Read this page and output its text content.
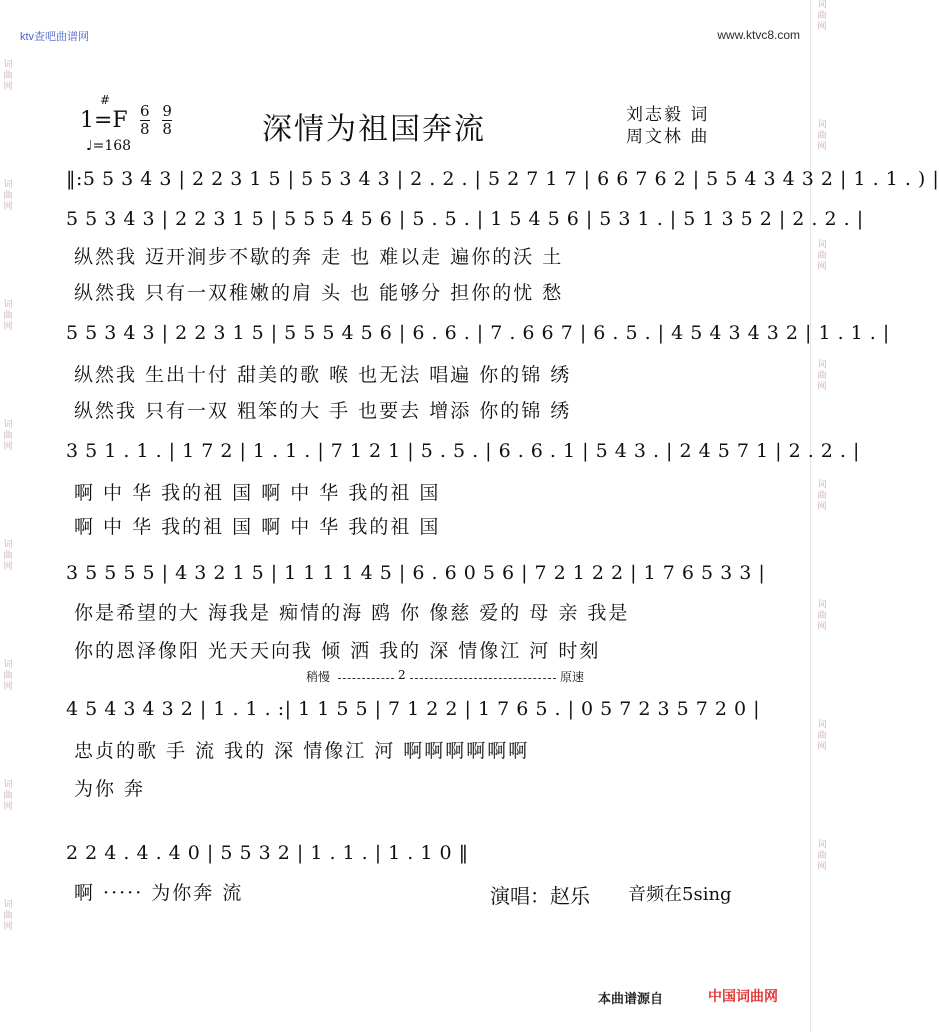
ktv查吧曲谱网	www.ktvc8.com
词曲网
词曲网
词曲网
词曲网
词曲网
词曲网
词曲网
词曲网
词曲网
词曲网
词曲网
词曲网
词曲网
词曲网
词曲网
词曲网
#
$1=F \frac{6}{8} \frac{9}{8}$
♩=168	深情为祖国奔流	刘志毅 词
周文林 曲
‖:5 5 3 4 3 | 2 2 3 1 5 | 5 5 3 4 3 | 2 . 2 . | 5 2 7 1 7 | 6 6 7 6 2 | 5 5 4 3 4 3 2 | 1 . 1 . ) |
5 5 3 4 3 | 2 2 3 1 5 | 5 5 5 4 5 6 | 5 . 5 . | 1 5 4 5 6 | 5 3 1 . | 5 1 3 5 2 | 2 . 2 . |
纵然我 迈开涧步不歇的奔 走 也 难以走 遍你的沃 土
纵然我 只有一双稚嫩的肩 头 也 能够分 担你的忧 愁
5 5 3 4 3 | 2 2 3 1 5 | 5 5 5 4 5 6 | 6 . 6 . | 7 . 6 6 7 | 6 . 5 . | 4 5 4 3 4 3 2 | 1 . 1 . |
纵然我 生出十付 甜美的歌 喉 也无法 唱遍 你的锦 绣
纵然我 只有一双 粗笨的大 手 也要去 增添 你的锦 绣
3 5 1 . 1 . | 1 7 2 | 1 . 1 . | 7 1 2 1 | 5 . 5 . | 6 . 6 . 1 | 5 4 3 . | 2 4 5 7 1 | 2 . 2 . |
啊 中 华 我的祖 国 啊 中 华 我的祖 国
啊 中 华 我的祖 国 啊 中 华 我的祖 国
3 5 5 5 5 | 4 3 2 1 5 | 1 1 1 1 4 5 | 6 . 6 0 5 6 | 7 2 1 2 2 | 1 7 6 5 3 3 |
你是希望的大 海我是 痴情的海 鸥 你 像慈 爱的 母 亲 我是
你的恩泽像阳 光天天向我 倾 洒 我的 深 情像江 河 时刻
稍慢	2	原速
4 5 4 3 4 3 2 | 1 . 1 . :| 1 1 5 5 | 7 1 2 2 | 1 7 6 5 . | 0 5 7 2 3 5 7 2 0 |
忠贞的歌 手 流 我的 深 情像江 河 啊啊啊啊啊啊
为你 奔
2 2 4 . 4 . 4 0 | 5 5 3 2 | 1 . 1 . | 1 . 1 0 ‖
啊 ····· 为你奔 流	演唱：赵乐 音频在5sing
本曲谱源自	中国词曲网
